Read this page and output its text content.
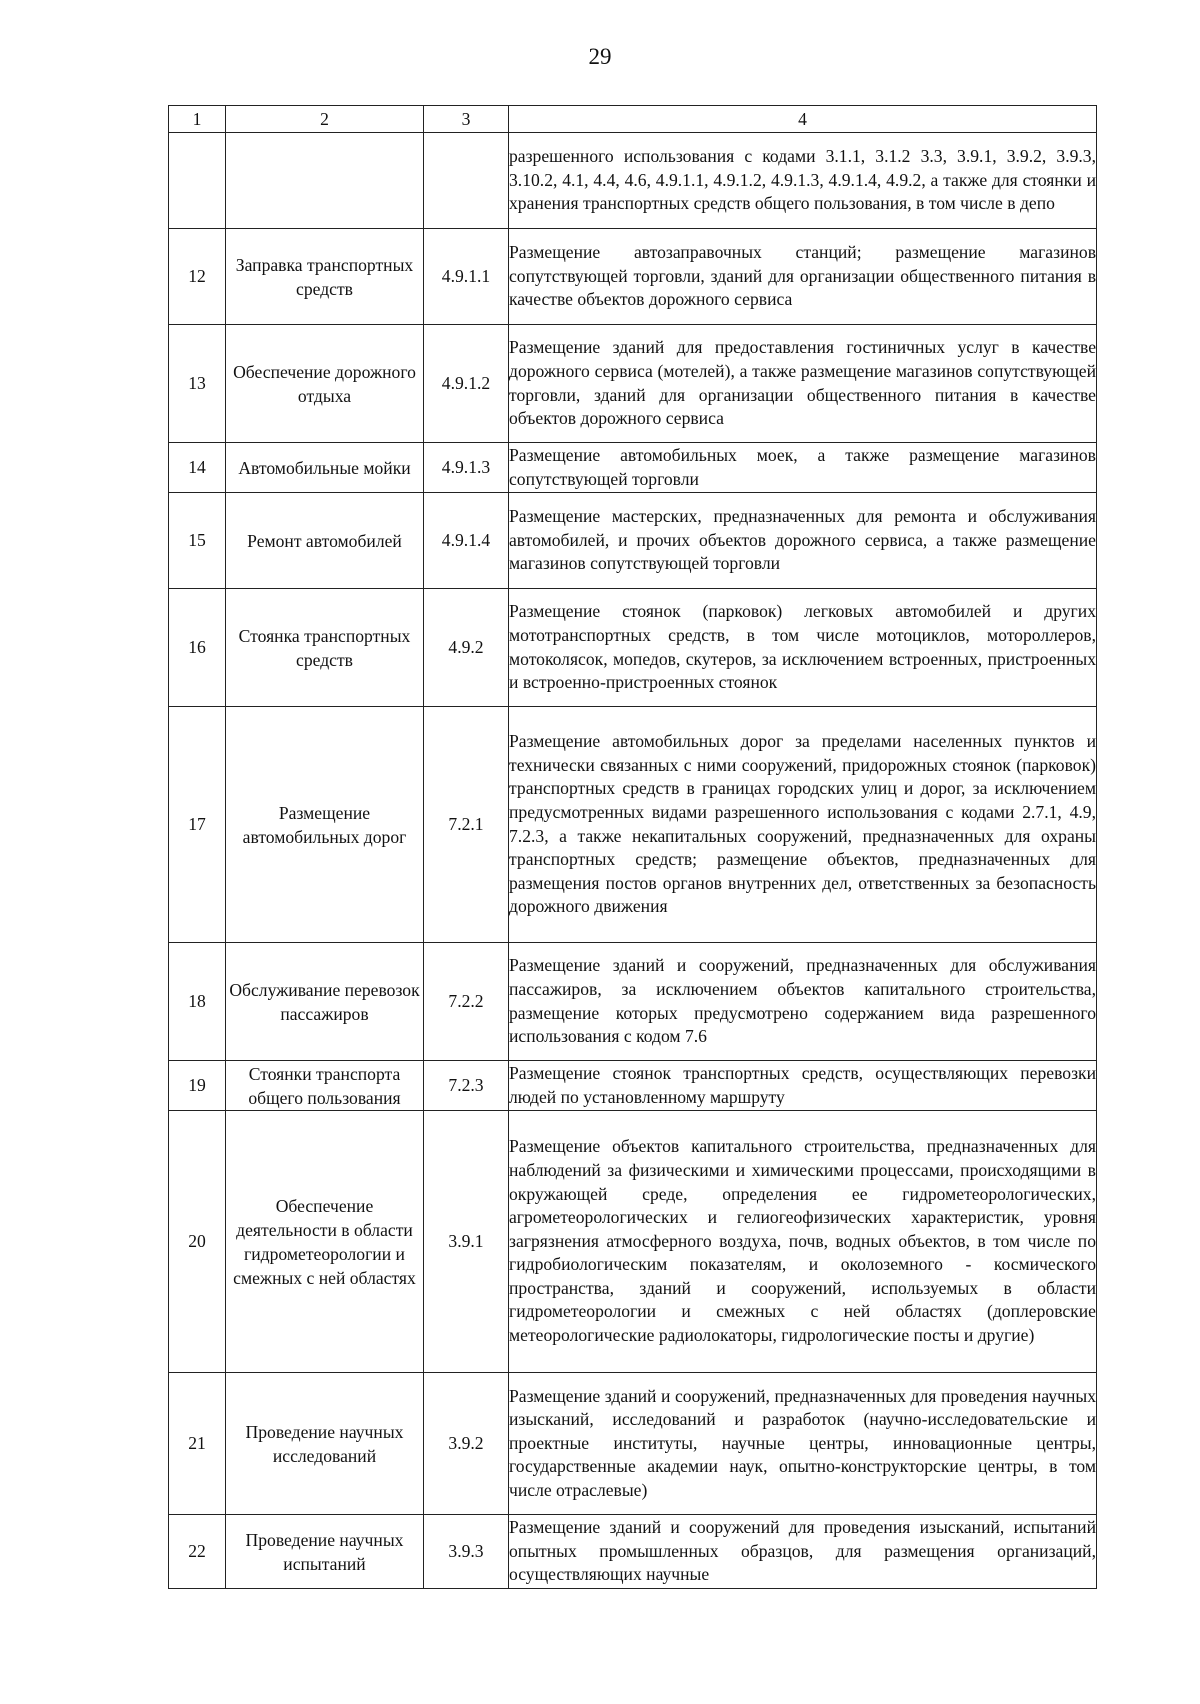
29
1	2	3	4
			разрешенного использования с кодами 3.1.1, 3.1.2 3.3, 3.9.1, 3.9.2, 3.9.3, 3.10.2, 4.1, 4.4, 4.6, 4.9.1.1, 4.9.1.2, 4.9.1.3, 4.9.1.4, 4.9.2, а также для стоянки и хранения транспортных средств общего пользования, в том числе в депо
12	Заправка транспортных средств	4.9.1.1	Размещение автозаправочных станций; размещение магазинов сопутствующей торговли, зданий для организации общественного питания в качестве объектов дорожного сервиса
13	Обеспечение дорожного отдыха	4.9.1.2	Размещение зданий для предоставления гостиничных услуг в качестве дорожного сервиса (мотелей), а также размещение магазинов сопутствующей торговли, зданий для организации общественного питания в качестве объектов дорожного сервиса
14	Автомобильные мойки	4.9.1.3	Размещение автомобильных моек, а также размещение магазинов сопутствующей торговли
15	Ремонт автомобилей	4.9.1.4	Размещение мастерских, предназначенных для ремонта и обслуживания автомобилей, и прочих объектов дорожного сервиса, а также размещение магазинов сопутствующей торговли
16	Стоянка транспортных средств	4.9.2	Размещение стоянок (парковок) легковых автомобилей и других мототранспортных средств, в том числе мотоциклов, мотороллеров, мотоколясок, мопедов, скутеров, за исключением встроенных, пристроенных и встроенно-пристроенных стоянок
17	Размещение автомобильных дорог	7.2.1	Размещение автомобильных дорог за пределами населенных пунктов и технически связанных с ними сооружений, придорожных стоянок (парковок) транспортных средств в границах городских улиц и дорог, за исключением предусмотренных видами разрешенного использования с кодами 2.7.1, 4.9, 7.2.3, а также некапитальных сооружений, предназначенных для охраны транспортных средств; размещение объектов, предназначенных для размещения постов органов внутренних дел, ответственных за безопасность дорожного движения
18	Обслуживание перевозок пассажиров	7.2.2	Размещение зданий и сооружений, предназначенных для обслуживания пассажиров, за исключением объектов капитального строительства, размещение которых предусмотрено содержанием вида разрешенного использования с кодом 7.6
19	Стоянки транспорта общего пользования	7.2.3	Размещение стоянок транспортных средств, осуществляющих перевозки людей по установленному маршруту
20	Обеспечение деятельности в области гидрометеорологии и смежных с ней областях	3.9.1	Размещение объектов капитального строительства, предназначенных для наблюдений за физическими и химическими процессами, происходящими в окружающей среде, определения ее гидрометеорологических, агрометеорологических и гелиогеофизических характеристик, уровня загрязнения атмосферного воздуха, почв, водных объектов, в том числе по гидробиологическим показателям, и околоземного - космического пространства, зданий и сооружений, используемых в области гидрометеорологии и смежных с ней областях (доплеровские метеорологические радиолокаторы, гидрологические посты и другие)
21	Проведение научных исследований	3.9.2	Размещение зданий и сооружений, предназначенных для проведения научных изысканий, исследований и разработок (научно-исследовательские и проектные институты, научные центры, инновационные центры, государственные академии наук, опытно-конструкторские центры, в том числе отраслевые)
22	Проведение научных испытаний	3.9.3	Размещение зданий и сооружений для проведения изысканий, испытаний опытных промышленных образцов, для размещения организаций, осуществляющих научные
